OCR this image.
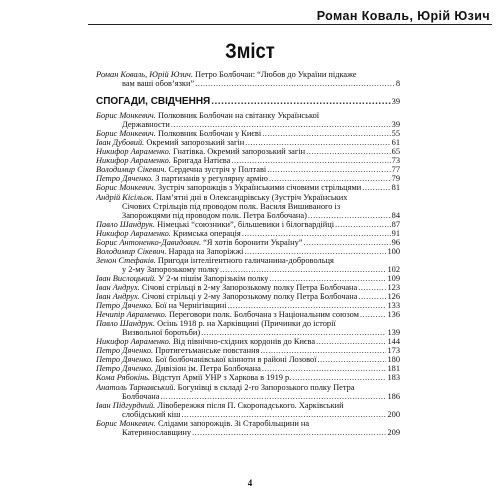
Роман Коваль, Юрій Юзич
Зміст
Роман Коваль, Юрій Юзич. Петро Болбочан: “Любов до України підкаже
вам ваші обов’язки” .....	8
СПОГАДИ, СВІДЧЕННЯ .....	39
Борис Монкевич. Полковник Болбочан на світанку Української
Державности .....	39
Борис Монкевич. Полковник Болбочан у Києві .....	55
Іван Дубовий. Окремий запорозький загін .....	61
Никифор Авраменко. Гнатівка. Окремий запорозький загін .....	65
Никифор Авраменко. Бригада Натієва .....	73
Володимир Сікевич. Сердечна зустріч у Полтаві .....	77
Петро Дяченко. З партизанів у регулярну армію .....	79
Борис Монкевич. Зустріч запорожців з Українськими січовими стрільцями .....	81
Андрій Кісільок. Пам’ятні дні в Олександрівську (Зустріч Українських
Січових Стрільців під проводом полк. Василя Вишиваного із
Запорожцями під проводом полк. Петра Болбочана) .....	84
Павло Шандрук. Німецькі “союзники”, більшевики і білогвардійці .....	87
Никифор Авраменко. Кримська операція .....	91
Борис Антоненко-Давидович. “Я хотів боронити Україну” .....	96
Володимир Сікевич. Нарада на Запоріжжі .....	100
Зенон Стефаків. Пригоди інтелігентного галичанина-добровольця
у 2-му Запорозькому полку .....	102
Іван Вислоцький. У 2-м пішім Запорізькім полку .....	109
Іван Андрух. Січові стрільці в 2-му Запорозькому полку Петра Болбочана .....	123
Іван Андрух. Січові стрільці у 2-му Запорозькому полку Петра Болбочана .....	126
Петро Дяченко. Бої на Чернігівщині .....	133
Нечипір Авраменко. Переговори полк. Болбочана з Національним союзом .....	136
Павло Шандрук. Осінь 1918 р. на Харківщині (Причинки до історії
Визвольної боротьби) .....	139
Никифор Авраменко. Від північно-східних кордонів до Києва .....	144
Петро Дяченко. Протигетьманське повстання .....	173
Петро Дяченко. Бої болбочанівської кінноти в районі Лозової .....	180
Петро Дяченко. Дивізіон ім. Петра Болбочана .....	181
Кома Рябокінь. Відступ Армії УНР з Харкова в 1919 р. .....	183
Анатоль Тарнавський. Богунівці в складі 2-го Запорозького полку Петра
Болбочана .....	186
Іван Підгурдний. Лівобережжя після П. Скоропадського. Харківський
слобідський кіш .....	200
Борис Монкевич. Слідами запорожців. Зі Старобільщини на
Катеринославщину .....	209
4
